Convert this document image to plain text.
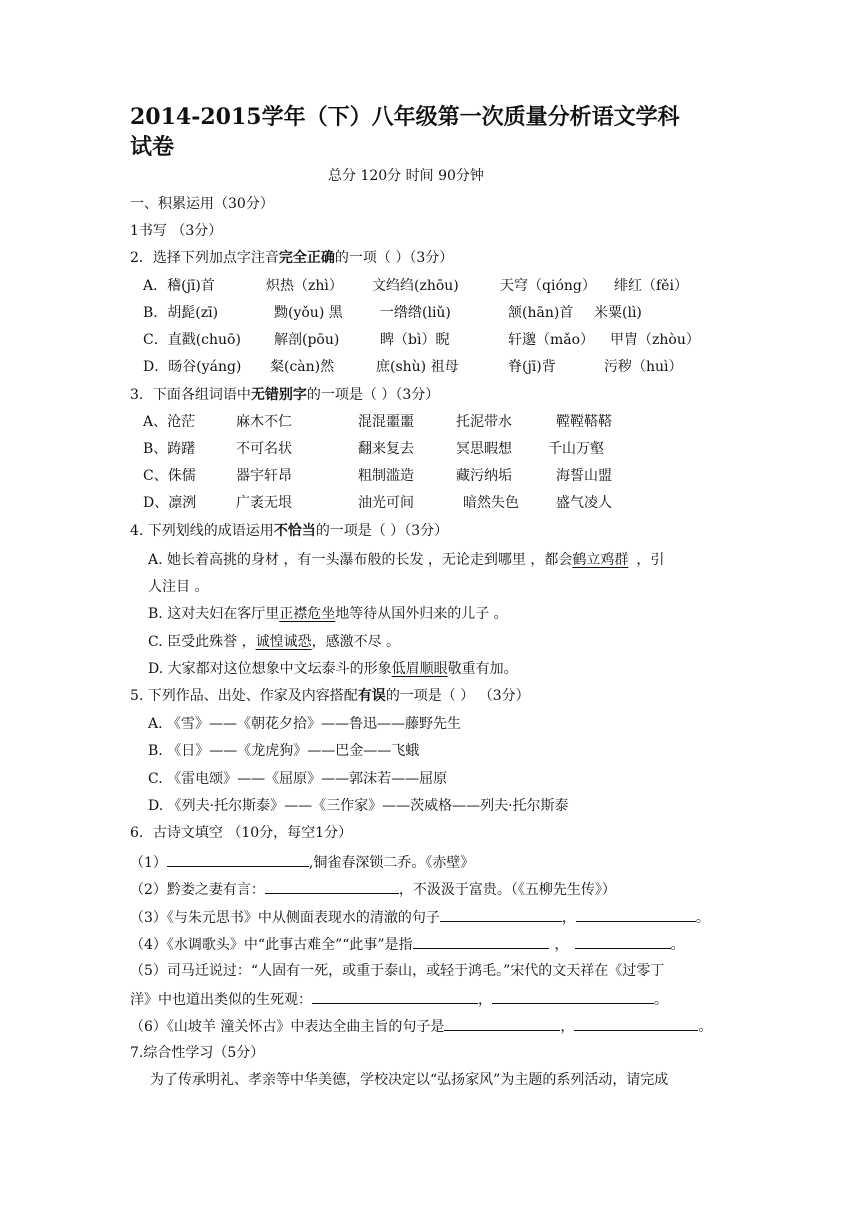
2014-2015学年（下）八年级第一次质量分析语文学科
试卷
总分 120分 时间 90分钟
一、积累运用（30分）
1书写 （3分）
2．选择下列加点字注音完全正确的一项（ ）（3分）
A．稽(jī)首	炽热（zhì） 文绉绉(zhōu)	天穹（qióng） 绯红（fěi）
B．胡髭(zī)	黝(yǒu) 黑	一绺绺(liǔ)	颔(hān)首 米粟(lì)
C．直戳(chuō) 解剖(pōu)	睥（bì）睨	轩邈（mǎo） 甲胄（zhòu）
D．旸谷(yáng) 粲(càn)然	庶(shù) 祖母	脊(jī)背	污秽（huì）
3．下面各组词语中无错别字的一项是（ ）（3分）
A、沧茫	麻木不仁	混混噩噩	托泥带水	鞺鞺鞳鞳
B、踌躇	不可名状	翻来复去	冥思暇想	千山万壑
C、侏儒	器宇轩昂	粗制滥造	藏污纳垢	海誓山盟
D、凛洌	广袤无垠	油光可间	暗然失色	盛气凌人
4. 下列划线的成语运用不恰当的一项是（ ）（3分）
A. 她长着高挑的身材 ，有一头瀑布般的长发 ，无论走到哪里 ，都会鹤立鸡群 ，引
人注目 。
B. 这对夫妇在客厅里正襟危坐地等待从国外归来的儿子 。
C. 臣受此殊誉 ，诚惶诚恐，感激不尽 。
D. 大家都对这位想象中文坛泰斗的形象低眉顺眼敬重有加。
5. 下列作品、出处、作家及内容搭配有误的一项是（ ） （3分）
A. 《雪》——《朝花夕拾》——鲁迅——藤野先生
B. 《日》——《龙虎狗》——巴金——飞蛾
C. 《雷电颂》——《屈原》——郭沫若——屈原
D. 《列夫·托尔斯泰》——《三作家》——茨威格——列夫·托尔斯泰
6．古诗文填空 （10分，每空1分）
（1）	,铜雀春深锁二乔。《赤壁》
（2）黔娄之妻有言：	，不汲汲于富贵。（《五柳先生传》）
（3）《与朱元思书》中从侧面表现水的清澈的句子	，	。
（4）《水调歌头》中“此事古难全”“此事”是指	，	。
（5）司马迁说过：“人固有一死，或重于泰山，或轻于鸿毛。”宋代的文天祥在《过零丁
洋》中也道出类似的生死观：	，	。
（6）《山坡羊 潼关怀古》中表达全曲主旨的句子是	，	。
7.综合性学习（5分）
为了传承明礼、孝亲等中华美德，学校决定以“弘扬家风”为主题的系列活动，请完成
